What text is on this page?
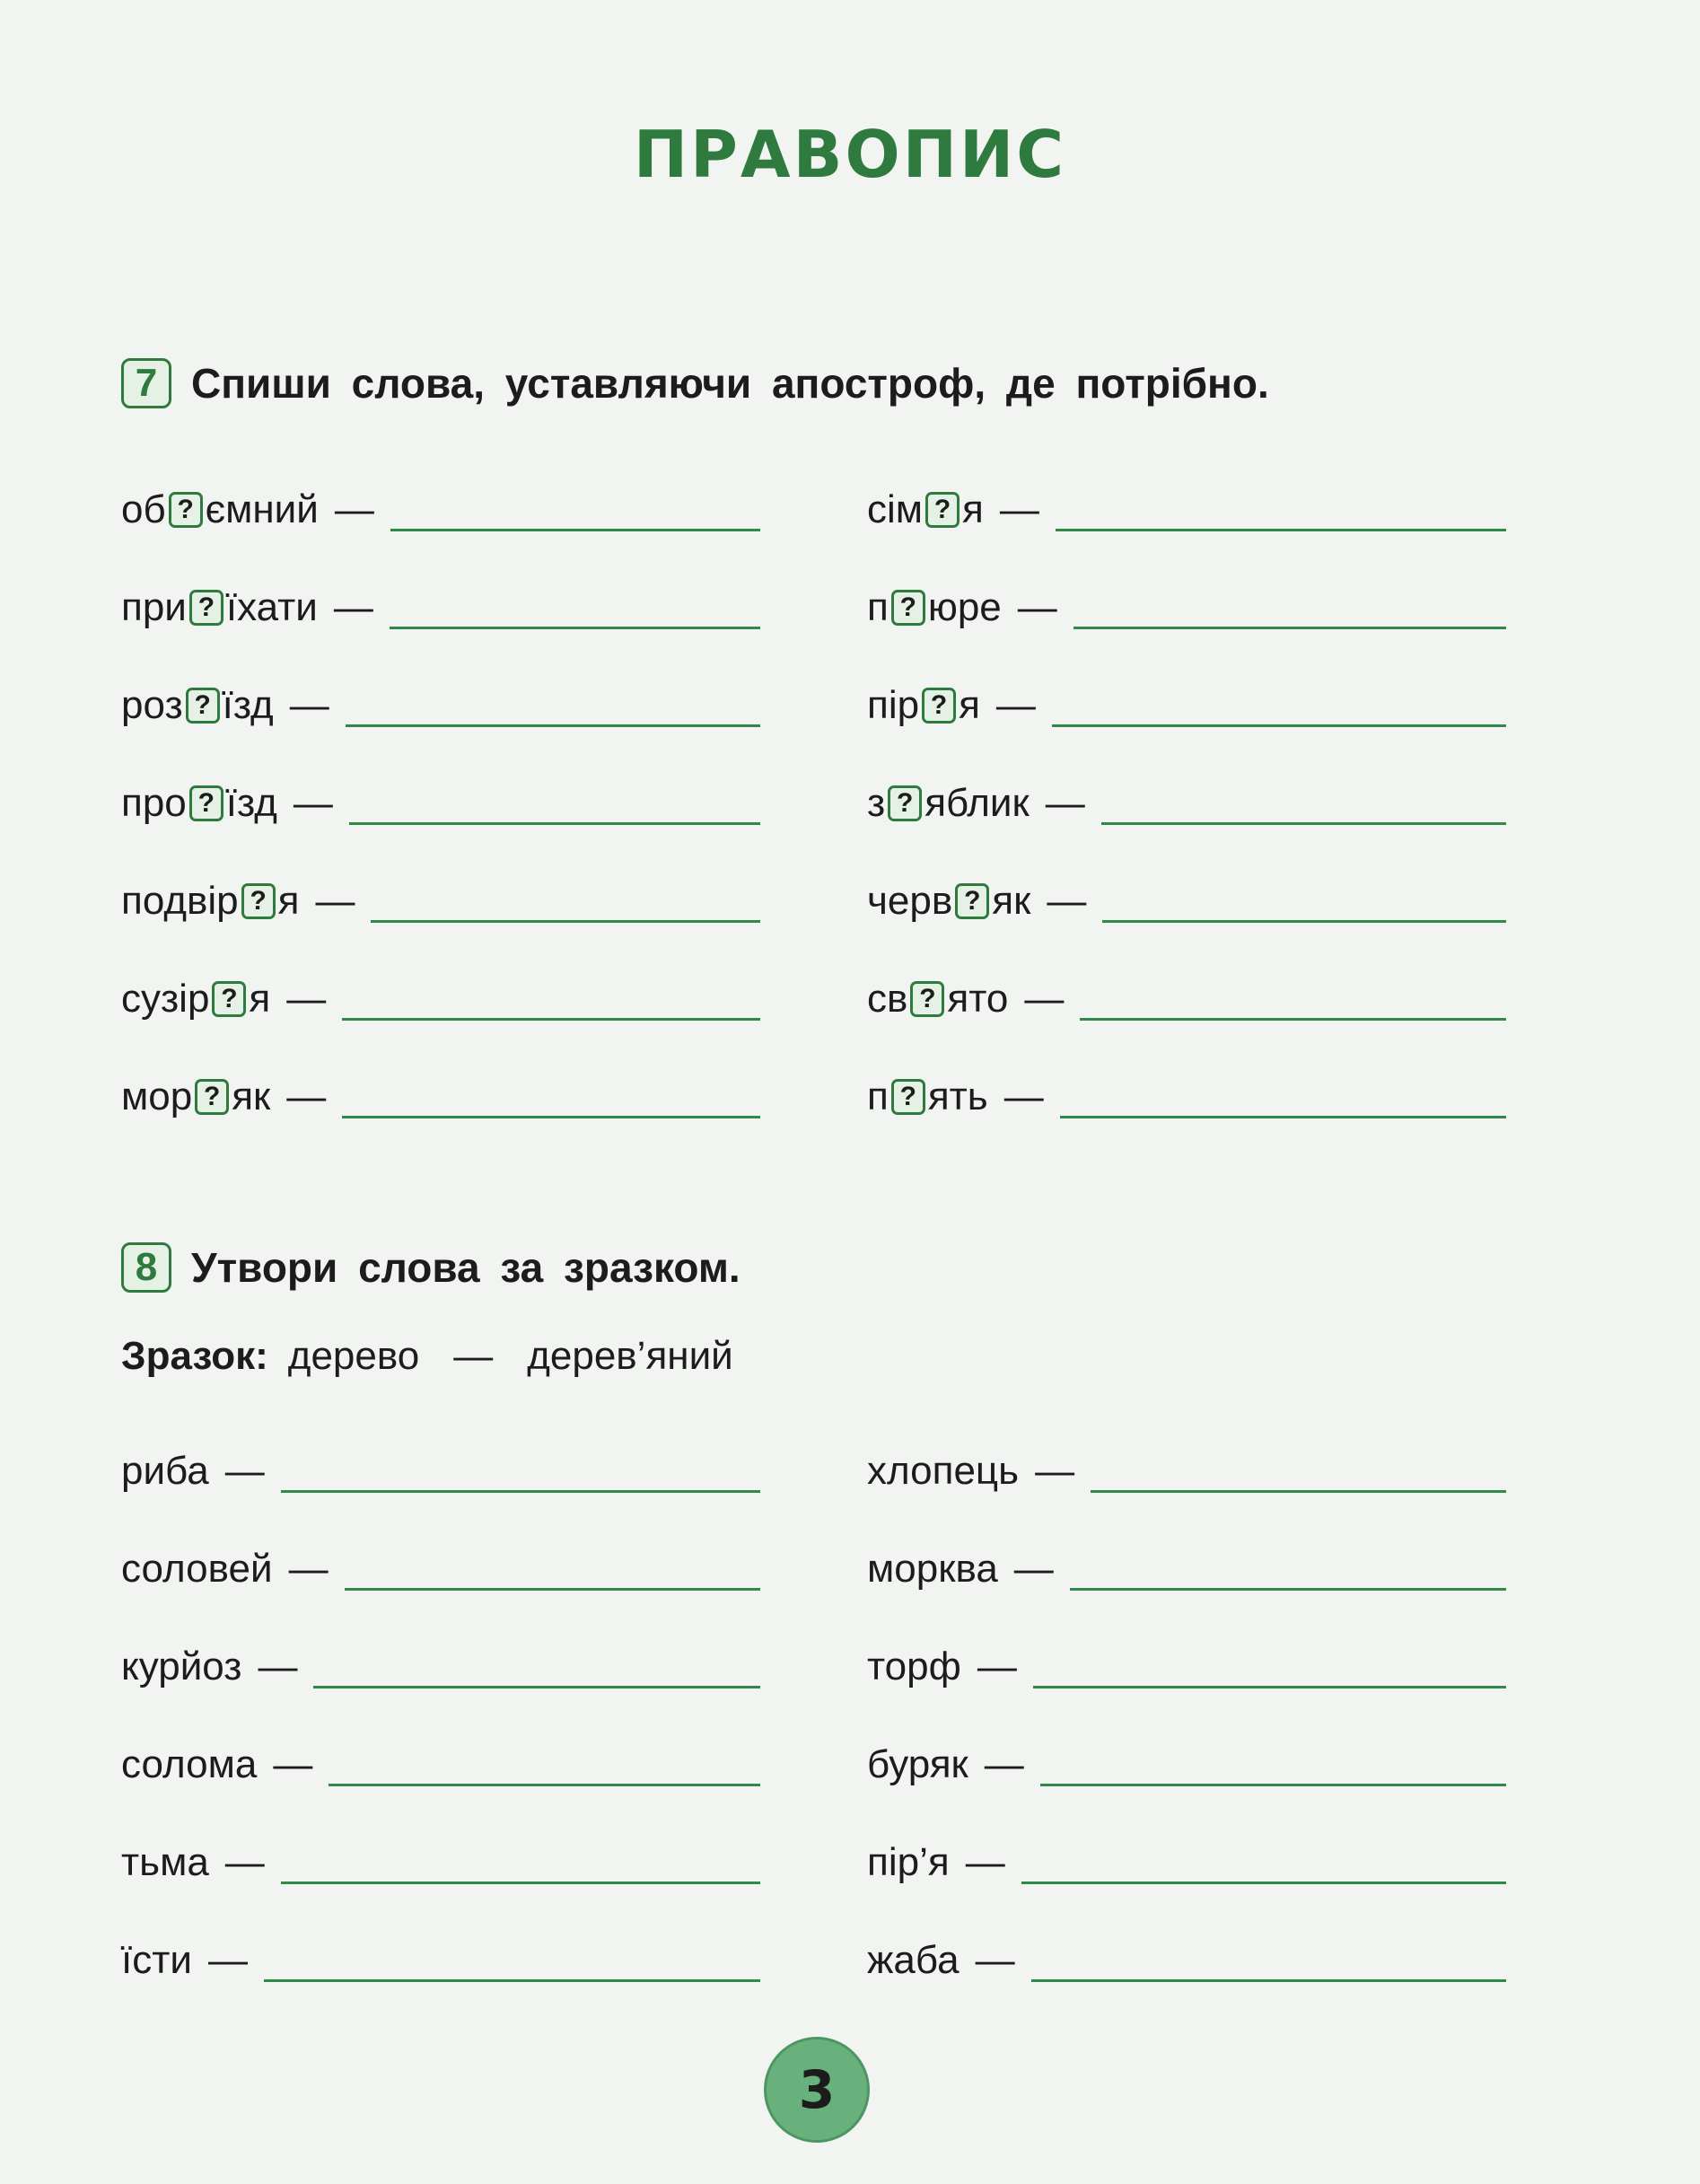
ПРАВОПИС
7 Спиши слова, уставляючи апостроф, де потрібно.
об ? ємний —
при ? їхати —
роз ? їзд —
про ? їзд —
подвір ? я —
сузір ? я —
мор ? як —
сім ? я —
п ? юре —
пір ? я —
з ? яблик —
черв ? як —
св ? ято —
п ? ять —
8 Утвори слова за зразком.
Зразок: дерево — дерев’яний
риба —
соловей —
курйоз —
солома —
тьма —
їсти —
хлопець —
морква —
торф —
буряк —
пір’я —
жаба —
3
